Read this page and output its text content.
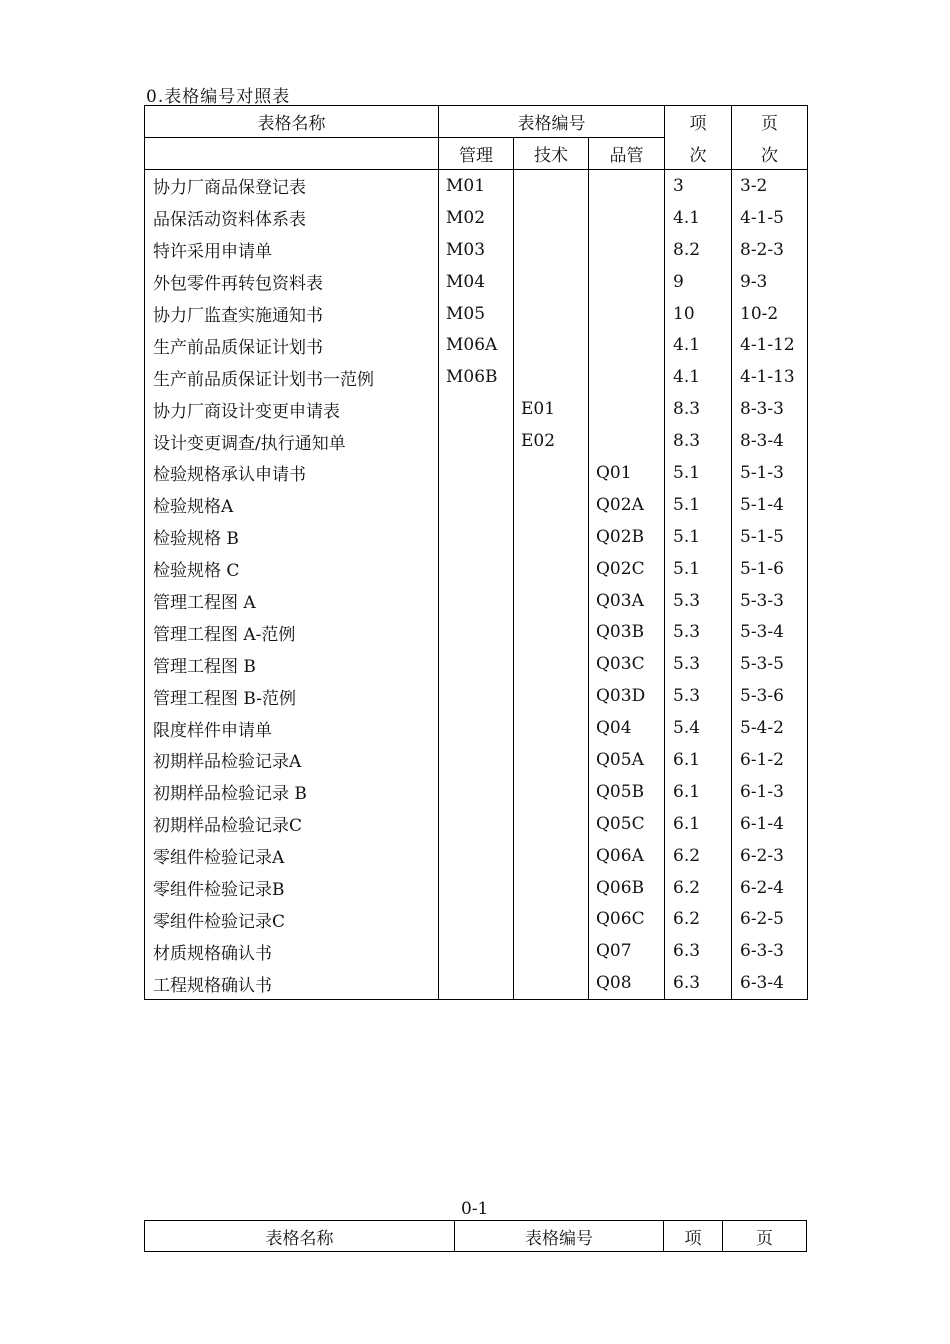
0.表格编号对照表
表格名称	表格编号			项	页
	管理	技术	品管	次	次
协力厂商品保登记表	M01			3	3-2
品保活动资料体系表	M02			4.1	4-1-5
特许采用申请单	M03			8.2	8-2-3
外包零件再转包资料表	M04			9	9-3
协力厂监查实施通知书	M05			10	10-2
生产前品质保证计划书	M06A			4.1	4-1-12
生产前品质保证计划书一范例	M06B			4.1	4-1-13
协力厂商设计变更申请表		E01		8.3	8-3-3
设计变更调查/执行通知单		E02		8.3	8-3-4
检验规格承认申请书			Q01	5.1	5-1-3
检验规格A			Q02A	5.1	5-1-4
检验规格 B			Q02B	5.1	5-1-5
检验规格 C			Q02C	5.1	5-1-6
管理工程图 A			Q03A	5.3	5-3-3
管理工程图 A-范例			Q03B	5.3	5-3-4
管理工程图 B			Q03C	5.3	5-3-5
管理工程图 B-范例			Q03D	5.3	5-3-6
限度样件申请单			Q04	5.4	5-4-2
初期样品检验记录A			Q05A	6.1	6-1-2
初期样品检验记录 B			Q05B	6.1	6-1-3
初期样品检验记录C			Q05C	6.1	6-1-4
零组件检验记录A			Q06A	6.2	6-2-3
零组件检验记录B			Q06B	6.2	6-2-4
零组件检验记录C			Q06C	6.2	6-2-5
材质规格确认书			Q07	6.3	6-3-3
工程规格确认书			Q08	6.3	6-3-4
0-1
表格名称	表格编号	项	页
